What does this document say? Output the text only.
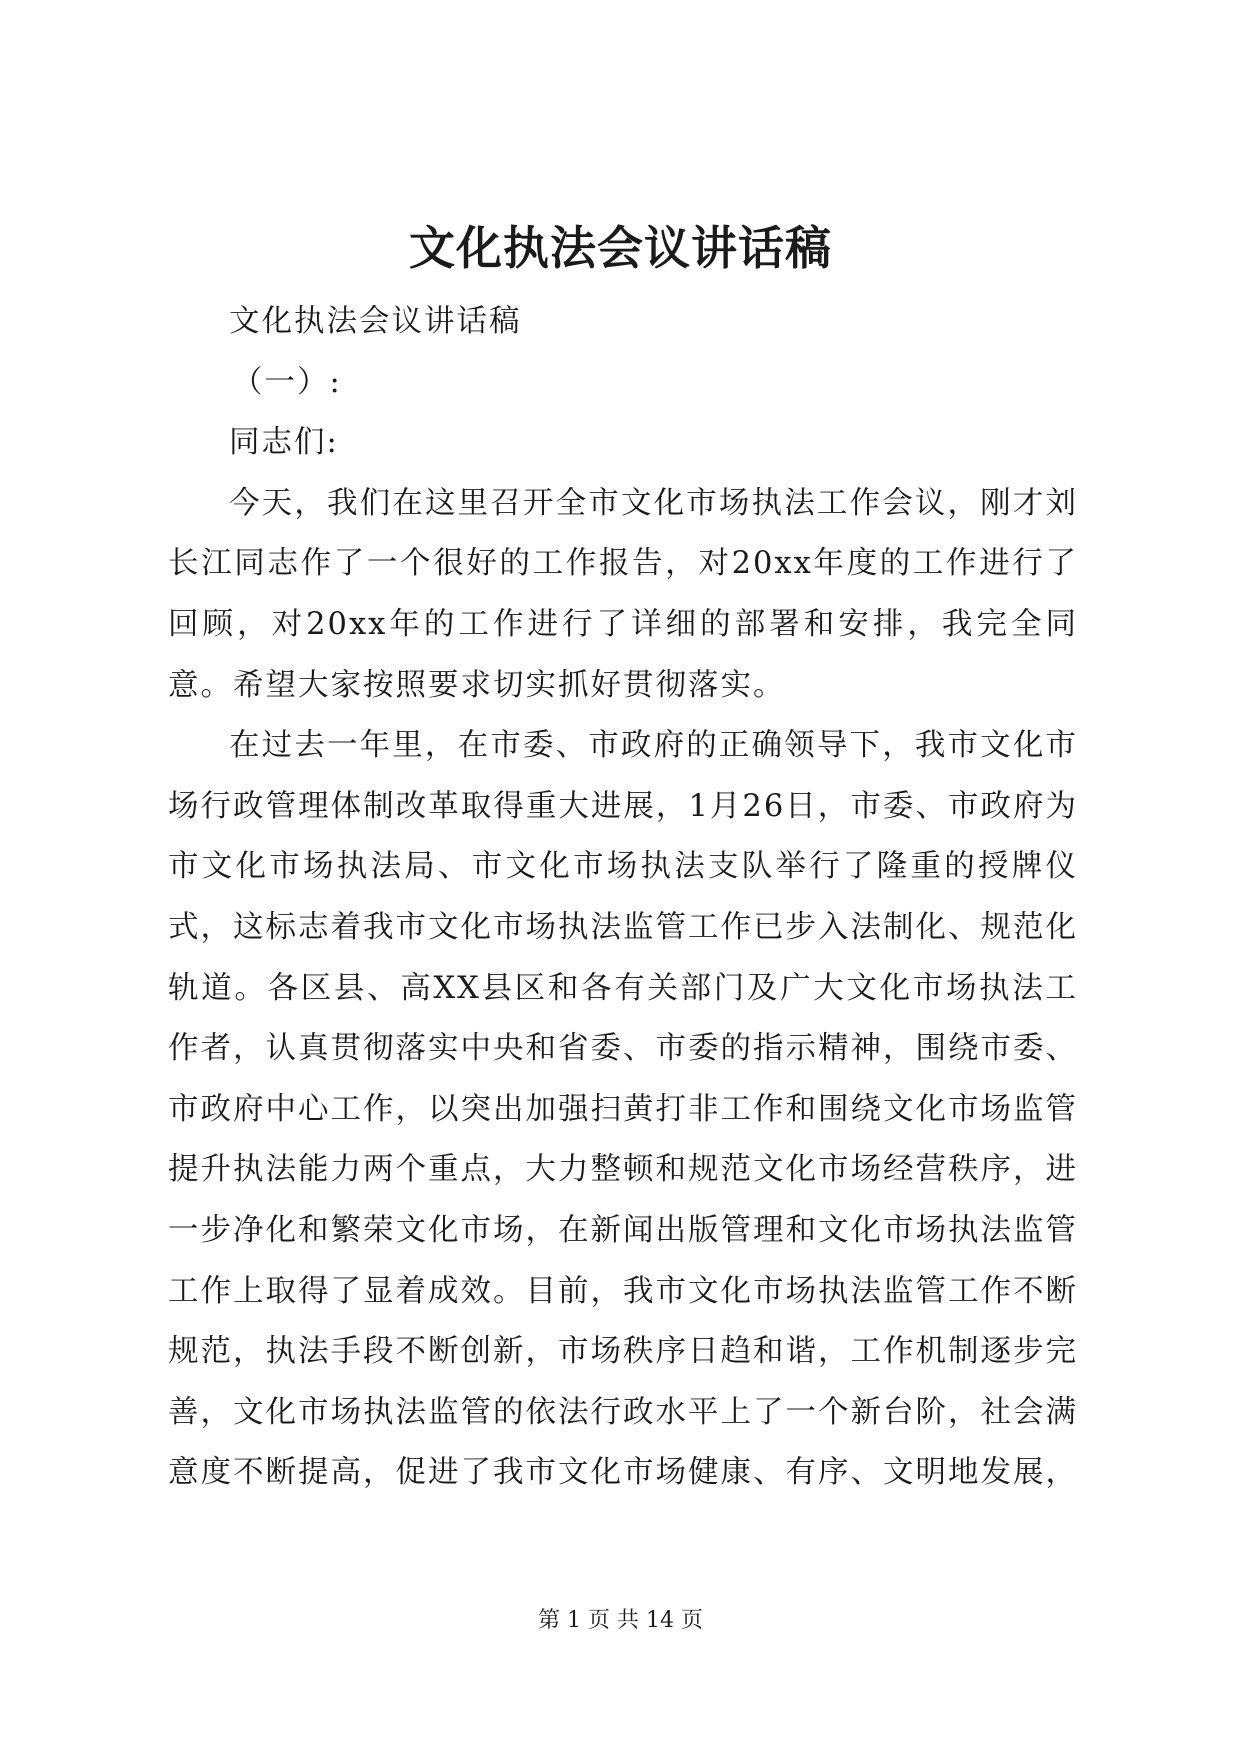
文化执法会议讲话稿

文化执法会议讲话稿

（一）:

同志们:

今天，我们在这里召开全市文化市场执法工作会议，刚才刘长江同志作了一个很好的工作报告，对20xx年度的工作进行了回顾，对20xx年的工作进行了详细的部署和安排，我完全同意。希望大家按照要求切实抓好贯彻落实。

在过去一年里，在市委、市政府的正确领导下，我市文化市场行政管理体制改革取得重大进展，1月26日，市委、市政府为市文化市场执法局、市文化市场执法支队举行了隆重的授牌仪式，这标志着我市文化市场执法监管工作已步入法制化、规范化轨道。各区县、高XX县区和各有关部门及广大文化市场执法工作者，认真贯彻落实中央和省委、市委的指示精神，围绕市委、市政府中心工作，以突出加强扫黄打非工作和围绕文化市场监管提升执法能力两个重点，大力整顿和规范文化市场经营秩序，进一步净化和繁荣文化市场，在新闻出版管理和文化市场执法监管工作上取得了显着成效。目前，我市文化市场执法监管工作不断规范，执法手段不断创新，市场秩序日趋和谐，工作机制逐步完善，文化市场执法监管的依法行政水平上了一个新台阶，社会满意度不断提高，促进了我市文化市场健康、有序、文明地发展，

第 1 页 共 14 页
